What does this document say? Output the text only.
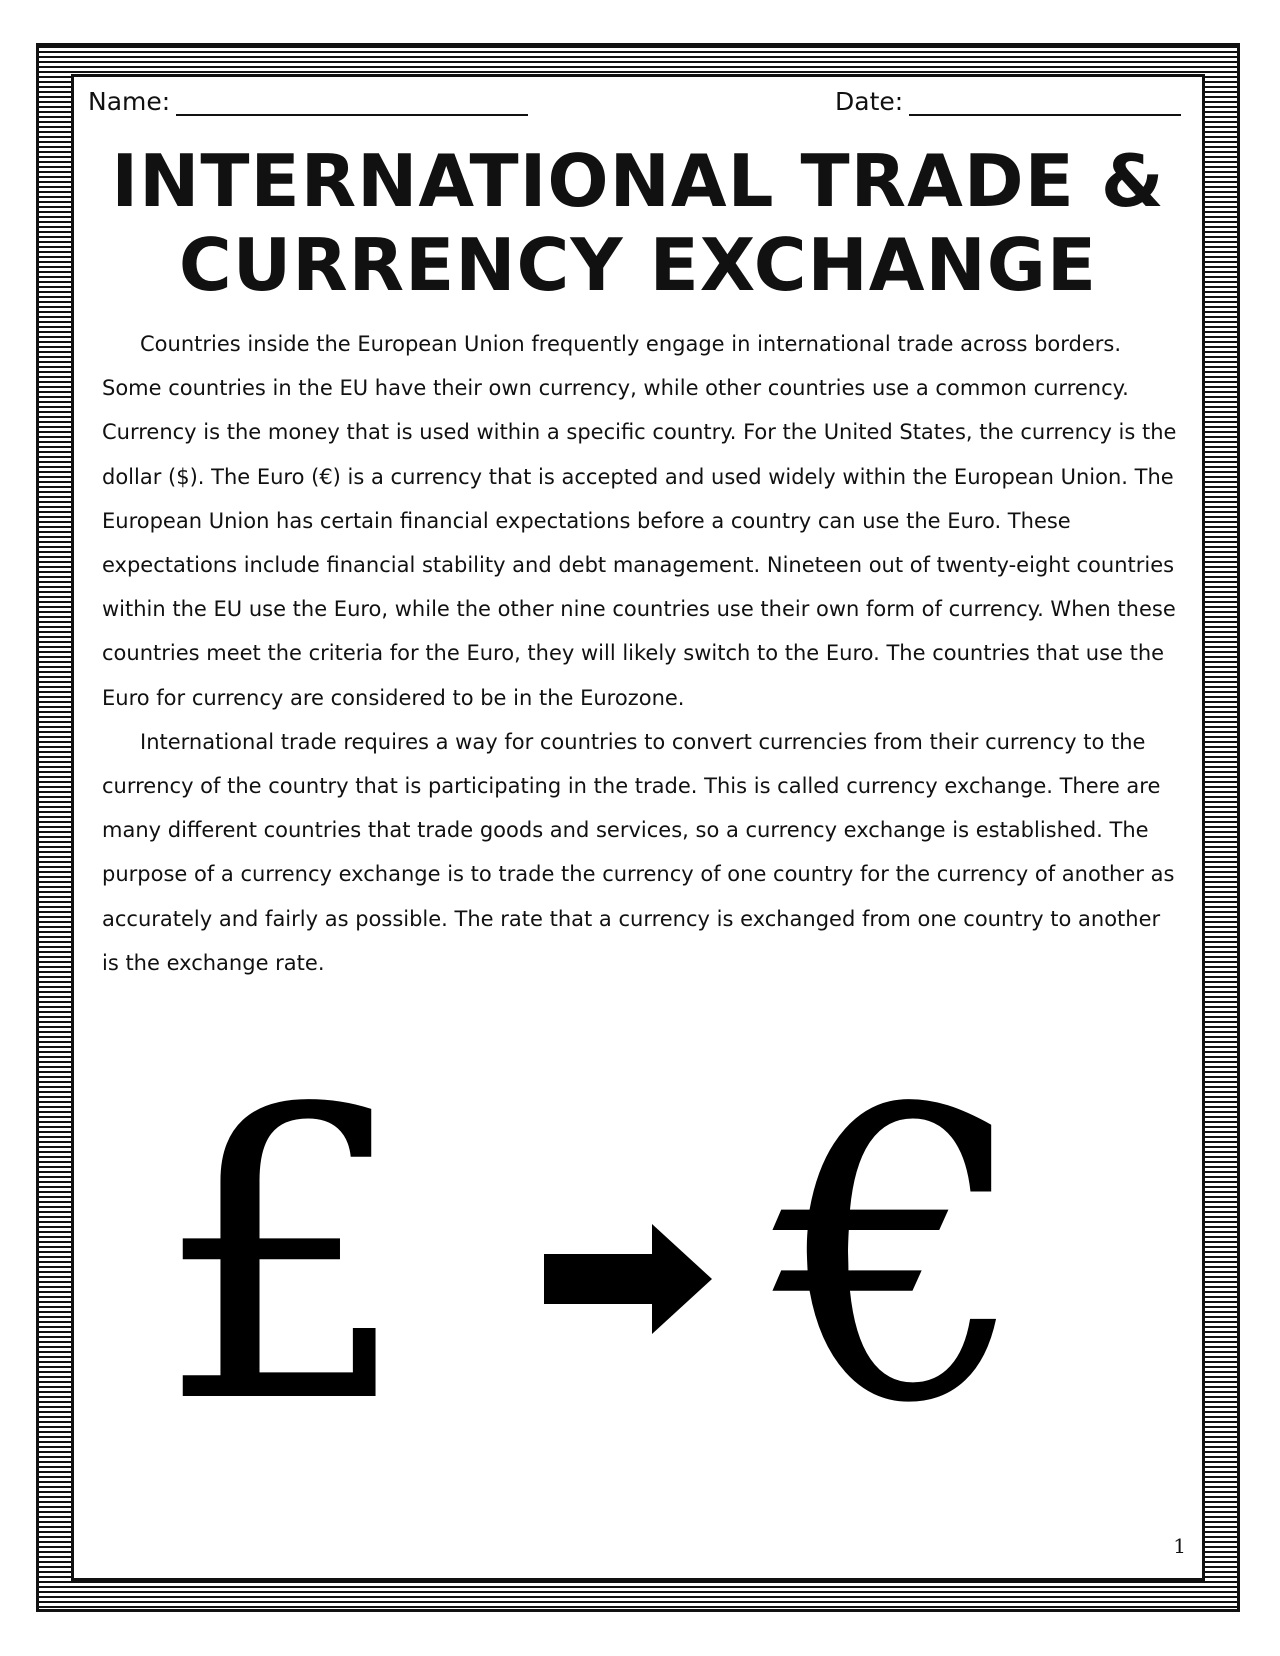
Name:	Date:
INTERNATIONAL TRADE &
CURRENCY EXCHANGE

Countries inside the European Union frequently engage in international trade across borders. Some countries in the EU have their own currency, while other countries use a common currency. Currency is the money that is used within a specific country. For the United States, the currency is the dollar ($). The Euro (€) is a currency that is accepted and used widely within the European Union. The European Union has certain financial expectations before a country can use the Euro. These expectations include financial stability and debt management. Nineteen out of twenty-eight countries within the EU use the Euro, while the other nine countries use their own form of currency. When these countries meet the criteria for the Euro, they will likely switch to the Euro. The countries that use the Euro for currency are considered to be in the Eurozone.

International trade requires a way for countries to convert currencies from their currency to the currency of the country that is participating in the trade. This is called currency exchange. There are many different countries that trade goods and services, so a currency exchange is established. The purpose of a currency exchange is to trade the currency of one country for the currency of another as accurately and fairly as possible. The rate that a currency is exchanged from one country to another is the exchange rate.

£ €
1
